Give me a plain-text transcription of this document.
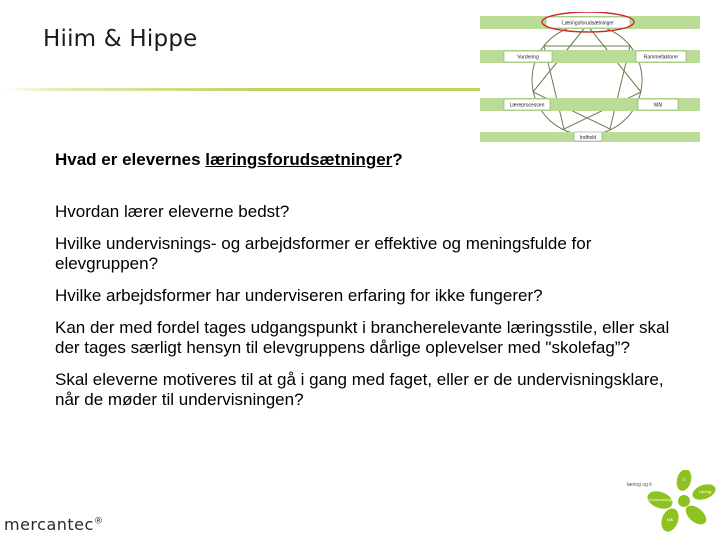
Hiim & Hippe
Læringsforudsætninger
Vurdering	Rammefaktorer
Læreprocessen	Mål
Indhold

Hvad er elevernes læringsforudsætninger?

Hvordan lærer eleverne bedst?

Hvilke undervisnings- og arbejdsformer er effektive og meningsfulde for elevgruppen?

Hvilke arbejdsformer har underviseren erfaring for ikke fungerer?

Kan der med fordel tages udgangspunkt i brancherelevante læringsstile, eller skal der tages særligt hensyn til elevgruppens dårlige oplevelser med "skolefag”?

Skal eleverne motiveres til at gå i gang med faget, eller er de undervisningsklare, når de møder til undervisningen?

mercantec®
Undervisning
Læring
Mål
IT
læring og it
